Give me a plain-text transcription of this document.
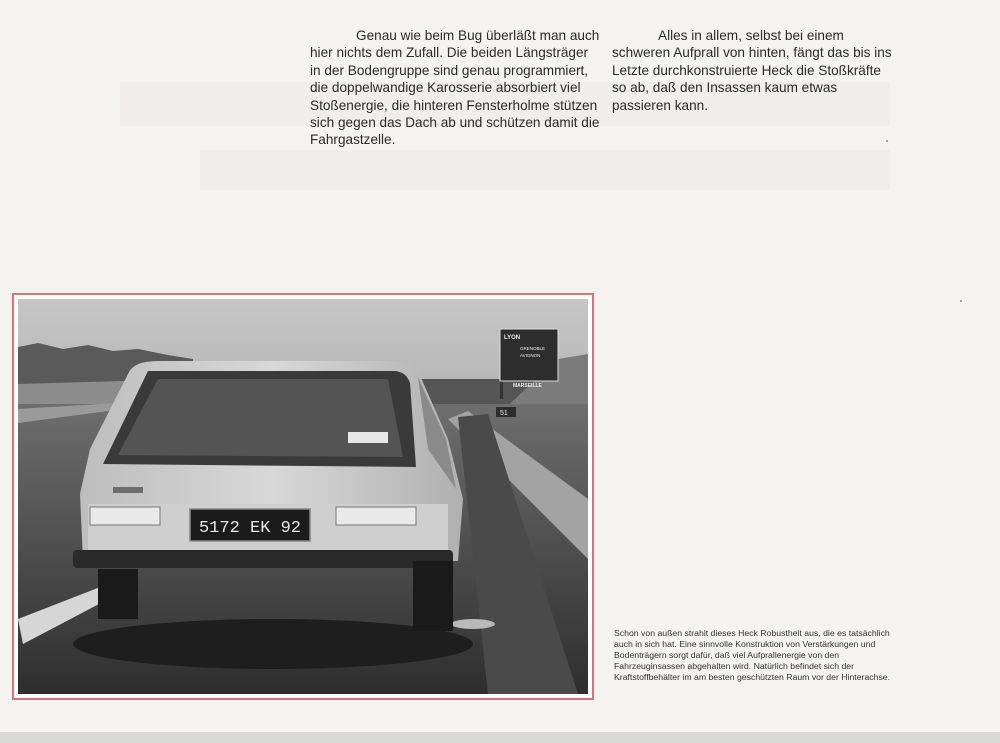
Genau wie beim Bug überläßt man auch hier nichts dem Zufall. Die beiden Längsträger in der Bodengruppe sind genau programmiert, die doppelwandige Karosserie absorbiert viel Stoßenergie, die hinteren Fensterholme stützen sich gegen das Dach ab und schützen damit die Fahrgastzelle.

Alles in allem, selbst bei einem schweren Aufprall von hinten, fängt das bis ins Letzte durchkonstruierte Heck die Stoßkräfte so ab, daß den Insassen kaum etwas passieren kann.

LYON
GRENOBLE
AVIGNON
MARSEILLE
51
5172 EK 92
Schon von außen strahlt dieses Heck Robustheit aus, die es tatsächlich auch in sich hat. Eine sinnvolle Konstruktion von Verstärkungen und Bodenträgern sorgt dafür, daß viel Aufprallenergie von den Fahrzeuginsassen abgehalten wird. Natürlich befindet sich der Kraftstoffbehälter im am besten geschützten Raum vor der Hinterachse.
